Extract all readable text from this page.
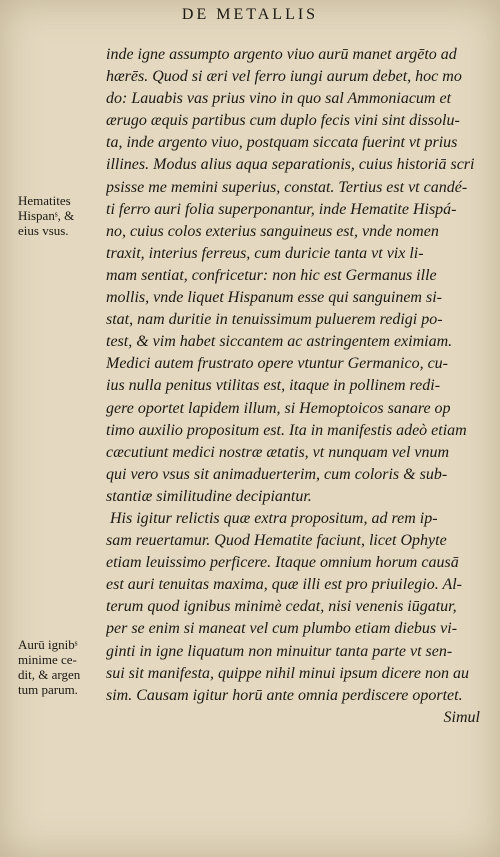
DE METALLIS
Hematites
Hispanˢ, &
eius vsus.
Aurū ignibˢ
minime ce-
dit, & argen
tum parum.
inde igne assumpto argento viuo aurū manet argēto ad
hærēs. Quod si æri vel ferro iungi aurum debet, hoc mo
do: Lauabis vas prius vino in quo sal Ammoniacum et
ærugo æquis partibus cum duplo fecis vini sint dissolu-
ta, inde argento viuo, postquam siccata fuerint vt prius
illines. Modus alius aqua separationis, cuius historiā scri
psisse me memini superius, constat. Tertius est vt candé-
ti ferro auri folia superponantur, inde Hematite Hispá-
no, cuius colos exterius sanguineus est, vnde nomen
traxit, interius ferreus, cum duricie tanta vt vix li-
mam sentiat, confricetur: non hic est Germanus ille
mollis, vnde liquet Hispanum esse qui sanguinem si-
stat, nam duritie in tenuissimum puluerem redigi po-
test, & vim habet siccantem ac astringentem eximiam.
Medici autem frustrato opere vtuntur Germanico, cu-
ius nulla penitus vtilitas est, itaque in pollinem redi-
gere oportet lapidem illum, si Hemoptoicos sanare op
timo auxilio propositum est. Ita in manifestis adeò etiam
cæcutiunt medici nostræ ætatis, vt nunquam vel vnum
qui vero vsus sit animaduerterim, cum coloris & sub-
stantiæ similitudine decipiantur.
His igitur relictis quæ extra propositum, ad rem ip-
sam reuertamur. Quod Hematite faciunt, licet Ophyte
etiam leuissimo perficere. Itaque omnium horum causā
est auri tenuitas maxima, quæ illi est pro priuilegio. Al-
terum quod ignibus minimè cedat, nisi venenis iūgatur,
per se enim si maneat vel cum plumbo etiam diebus vi-
ginti in igne liquatum non minuitur tanta parte vt sen-
sui sit manifesta, quippe nihil minui ipsum dicere non au
sim. Causam igitur horū ante omnia perdiscere oportet.
Simul
